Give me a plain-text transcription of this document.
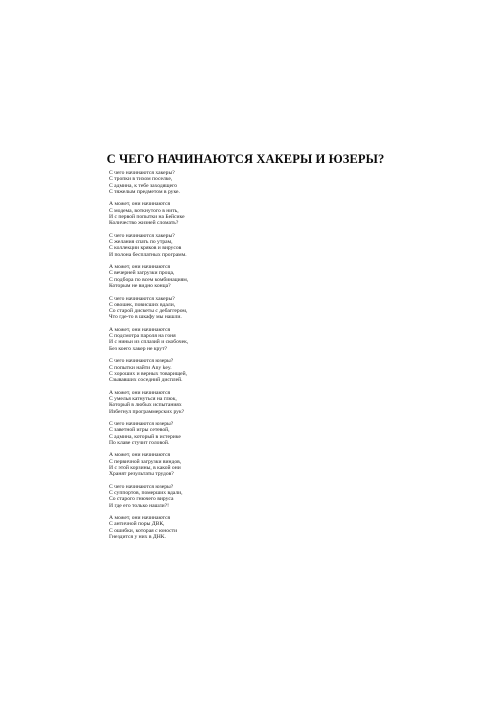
С ЧЕГО НАЧИНАЮТСЯ ХАКЕРЫ И ЮЗЕРЫ?
С чего начинаются хакеры?
С тропки в тихом поселке,
С админа, к тебе заходящего
С тяжелым предметом в руке.
А может, они начинаются
С модема, воткнутого в нить,
И с первой попытки на Бейсике
Количество жизней сломать?
С чего начинаются хакеры?
С желания спать по утрам,
С коллекции кряков и вирусов
И полона бесплатных программ.
А может, они начинаются
С вечерней загрузки проца,
С подбора по всем комбинациям,
Которым не видно конца?
С чего начинаются хакеры?
С овошек, повисших вдали,
Со старой дискеты с дебаггером,
Что где-то в шкафу мы нашли.
А может, они начинаются
С подсмотра пароля на гоня
И с ниньи из сплазий и скобочек,
Без коего хакер не крут?
С чего начинаются юзеры?
С попытки найти Any key.
С хороших и верных товарищей,
Сзывавших соседний дисплей.
А может, они начинаются
С умелья катнуться на глюк,
Который в любых испытаниях
Избегнул программерских рук?
С чего начинаются юзеры?
С заветной игры сетевой,
С админа, который в истерике
По клаве стучит головой.
А может, они начинаются
С первичной загрузки виндов,
И с этой корзины, в какой они
Хранят результаты трудов?
С чего начинаются юзеры?
С суппортов, померших вдали,
Со старого гнючего вируса
И где его только нашли?!
А может, они начинаются
С античной поры ДВК,
С ошибки, которая с юности
Гнездится у них в ДНК.
